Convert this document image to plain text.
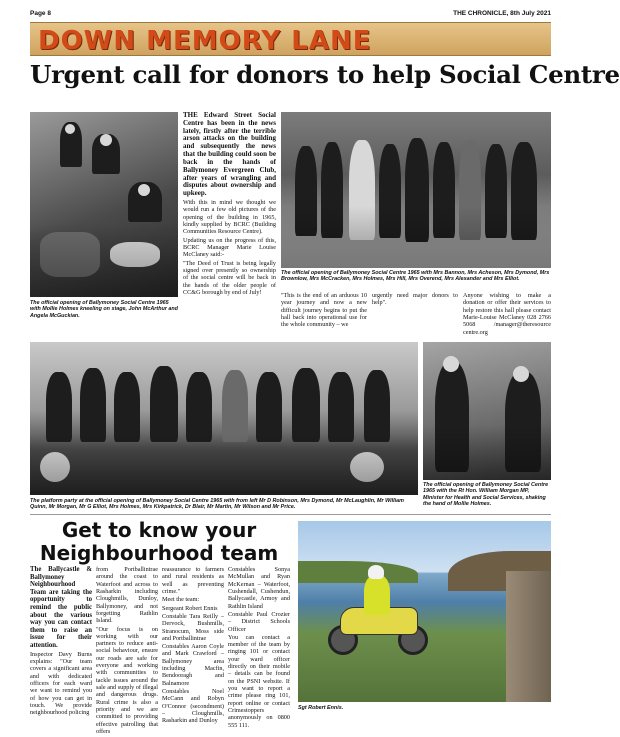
Page 8	THE CHRONICLE, 8th July 2021
DOWN MEMORY LANE
Urgent call for donors to help Social Centre
The official opening of Ballymoney Social Centre 1965 with Mollie Holmes kneeling on stage, John McArthur and Angela McGuckian.

THE Edward Street Social Centre has been in the news lately, firstly after the terrible arson attacks on the building and subsequently the news that the building could soon be back in the hands of Ballymoney Evergreen Club, after years of wrangling and disputes about ownership and upkeep.

With this in mind we thought we would run a few old pictures of the opening of the building in 1965, kindly supplied by BCRC (Building Communities Resource Centre).

Updating us on the progress of this, BCRC Manager Marie Louise McClaney said:-

"The Deed of Trust is being legally signed over presently so ownership of the social centre will be back in the hands of the older people of CC&G borough by end of July!

The official opening of Ballymoney Social Centre 1965 with Mrs Bannon, Mrs Acheson, Mrs Dymond, Mrs Brownlow, Mrs McCracken, Mrs Holmes, Mrs Hill, Mrs Overend, Mrs Alexander and Mrs Elliot.

"This is the end of an arduous 10 year journey and now a new difficult journey begins to put the hall back into operational use for the whole community – we

urgently need major donors to help".

Anyone wishing to make a donation or offer their services to help restore this hall please contact Marie-Louise McClaney 028 2766 5068 /manager@theresource centre.org

The platform party at the official opening of Ballymoney Social Centre 1965 with from left Mr D Robinson, Mrs Dymond, Mr McLaughlin, Mr William Quinn, Mr Morgan, Mr G Elliot, Mrs Holmes, Mrs Kirkpatrick, Dr Blair, Mr Martin, Mr Wilson and Mr Price.
The official opening of Ballymoney Social Centre 1965 with the Rt Hon. William Morgan MP, Minister for Health and Social Services, shaking the hand of Mollie Holmes.
Get to know your Neighbourhood team

The Ballycastle & Ballymoney Neighbourhood Team are taking the opportunity to remind the public about the various way you can contact them to raise an issue for their attention.

Inspector Davy Burns explains: "Our team covers a significant area and with dedicated officers for each ward we want to remind you of how you can get in touch. We provide neighbourhood policing

from Portballintrae around the coast to Waterfoot and across to Rasharkin including Cloughmills, Dunloy, Ballymoney, and not forgetting Rathlin Island.

"Our focus is on working with our partners to reduce anti-social behaviour, ensure our roads are safe for everyone and working with communities to tackle issues around the sale and supply of illegal and dangerous drugs. Rural crime is also a priority and we are committed to providing effective patrolling that offers

reassurance to farmers and rural residents as well as preventing crime."

Meet the team:

Sergeant Robert Ennis

Constable Tara Reilly – Dervock, Bushmills, Stranocum, Moss side and Portballintrae

Constables Aaron Coyle and Mark Crawford – Ballymoney area including Macfin, Bendooragh and Balnamore

Constables Noel McCann and Robyn O'Connor (secondment) – Cloughmills, Rasharkin and Dunloy

Constables Sonya McMullan and Ryan McKernan – Waterfoot, Cushendall, Cushendun, Ballycastle, Armoy and Rathlin Island

Constable Paul Crozier – District Schools Officer

You can contact a member of the team by ringing 101 or contact your ward officer directly on their mobile – details can be found on the PSNI website. If you want to report a crime please ring 101, report online or contact Crimestoppers anonymously on 0800 555 111.

Sgt Robert Ennis.
